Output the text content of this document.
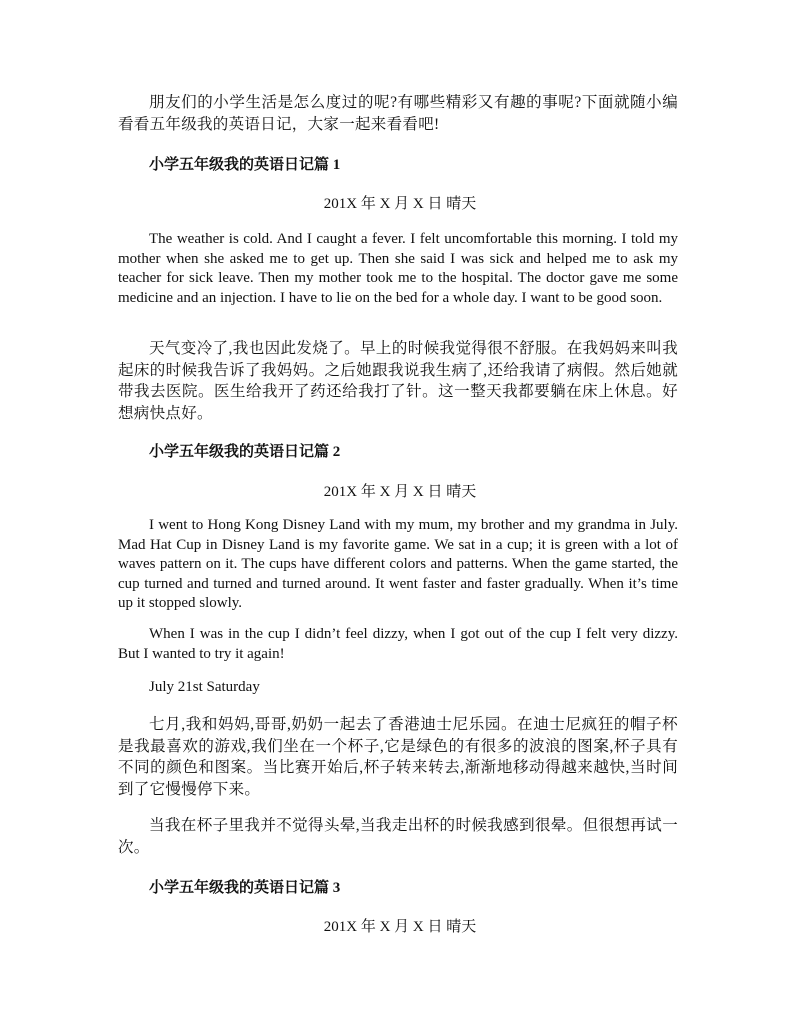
朋友们的小学生活是怎么度过的呢?有哪些精彩又有趣的事呢?下面就随小编看看五年级我的英语日记，大家一起来看看吧!

小学五年级我的英语日记篇 1

201X 年 X 月 X 日 晴天

The weather is cold. And I caught a fever. I felt uncomfortable this morning. I told my mother when she asked me to get up. Then she said I was sick and helped me to ask my teacher for sick leave. Then my mother took me to the hospital. The doctor gave me some medicine and an injection. I have to lie on the bed for a whole day. I want to be good soon.

天气变冷了,我也因此发烧了。早上的时候我觉得很不舒服。在我妈妈来叫我起床的时候我告诉了我妈妈。之后她跟我说我生病了,还给我请了病假。然后她就带我去医院。医生给我开了药还给我打了针。这一整天我都要躺在床上休息。好想病快点好。

小学五年级我的英语日记篇 2

201X 年 X 月 X 日 晴天

I went to Hong Kong Disney Land with my mum, my brother and my grandma in July. Mad Hat Cup in Disney Land is my favorite game. We sat in a cup; it is green with a lot of waves pattern on it. The cups have different colors and patterns. When the game started, the cup turned and turned and turned around. It went faster and faster gradually. When it’s time up it stopped slowly.

When I was in the cup I didn’t feel dizzy, when I got out of the cup I felt very dizzy. But I wanted to try it again!

July 21st Saturday

七月,我和妈妈,哥哥,奶奶一起去了香港迪士尼乐园。在迪士尼疯狂的帽子杯是我最喜欢的游戏,我们坐在一个杯子,它是绿色的有很多的波浪的图案,杯子具有不同的颜色和图案。当比赛开始后,杯子转来转去,渐渐地移动得越来越快,当时间到了它慢慢停下来。

当我在杯子里我并不觉得头晕,当我走出杯的时候我感到很晕。但很想再试一次。

小学五年级我的英语日记篇 3

201X 年 X 月 X 日 晴天
